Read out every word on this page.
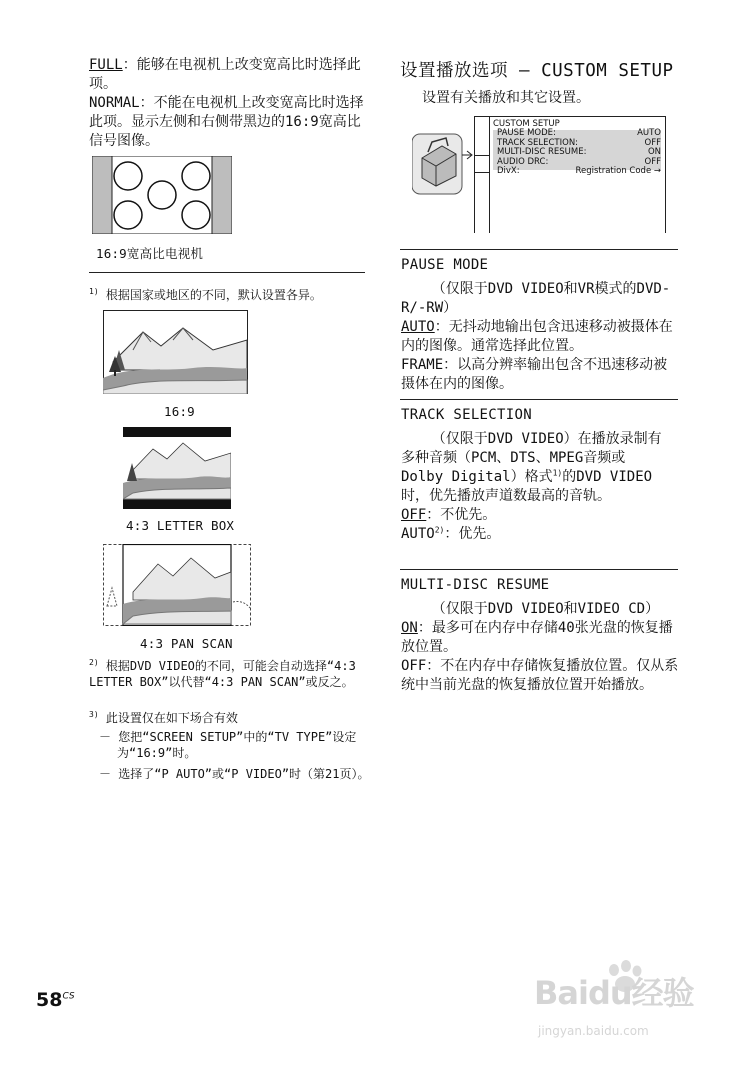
FULL：能够在电视机上改变宽高比时选择此项。

NORMAL：不能在电视机上改变宽高比时选择此项。显示左侧和右侧带黑边的16:9宽高比信号图像。

16:9宽高比电视机
$^{1)}$ 根据国家或地区的不同，默认设置各异。
16:9
4:3 LETTER BOX
4:3 PAN SCAN
$^{2)}$ 根据DVD VIDEO的不同，可能会自动选择“4:3 LETTER BOX”以代替“4:3 PAN SCAN”或反之。
$^{3)}$ 此设置仅在如下场合有效
－ 您把“SCREEN SETUP”中的“TV TYPE”设定为“16:9”时。
－ 选择了“P AUTO”或“P VIDEO”时（第21页）。
设置播放选项 — CUSTOM SETUP
设置有关播放和其它设置。
CUSTOM SETUP
PAUSE MODE:	AUTO
TRACK SELECTION:	OFF
MULTI-DISC RESUME:	ON
AUDIO DRC:	OFF
DivX:	Registration Code →
PAUSE MODE

（仅限于DVD VIDEO和VR模式的DVD-R/-RW）

AUTO：无抖动地输出包含迅速移动被摄体在内的图像。通常选择此位置。

FRAME：以高分辨率输出包含不迅速移动被摄体在内的图像。

TRACK SELECTION

（仅限于DVD VIDEO）在播放录制有多种音频（PCM、DTS、MPEG音频或Dolby Digital）格式$^{1)}$的DVD VIDEO时，优先播放声道数最高的音轨。

OFF：不优先。

AUTO$^{2)}$：优先。

MULTI-DISC RESUME

（仅限于DVD VIDEO和VIDEO CD）

ON：最多可在内存中存储40张光盘的恢复播放位置。

OFF：不在内存中存储恢复播放位置。仅从系统中当前光盘的恢复播放位置开始播放。

$58^{CS}$	Baidu经验
jingyan.baidu.com
